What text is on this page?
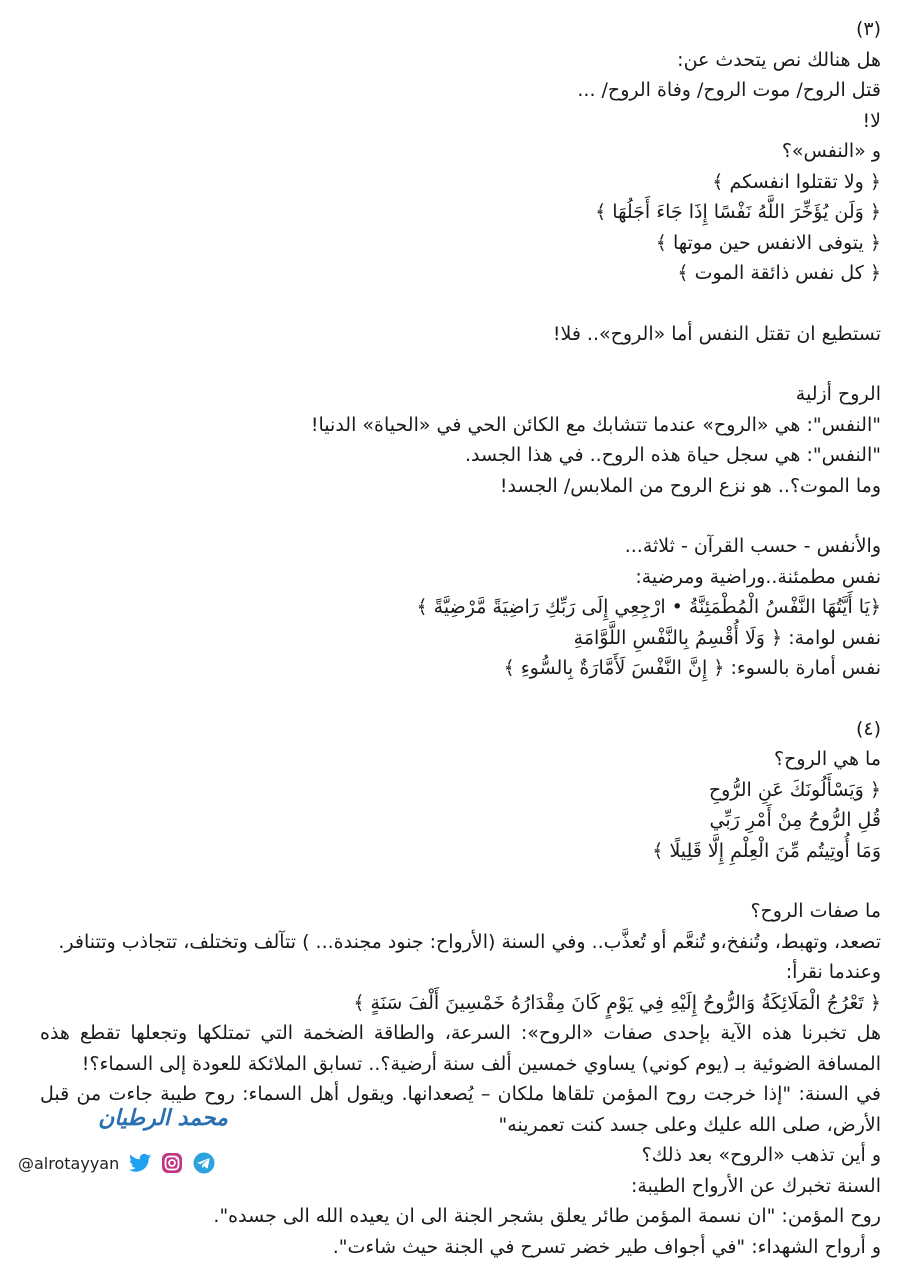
(٣)
هل هنالك نص يتحدث عن:
قتل الروح/ موت الروح/ وفاة الروح/ ...
لا!
و «النفس»؟
﴿ ولا تقتلوا انفسكم ﴾
﴿ وَلَن يُؤَخِّرَ اللَّهُ نَفْسًا إِذَا جَاءَ أَجَلُهَا ﴾
﴿ يتوفى الانفس حين موتها ﴾
﴿ كل نفس ذائقة الموت ﴾
تستطيع ان تقتل النفس أما «الروح».. فلا!
الروح أزلية
"النفس": هي «الروح» عندما تتشابك مع الكائن الحي في «الحياة» الدنيا!
"النفس": هي سجل حياة هذه الروح.. في هذا الجسد.
وما الموت؟.. هو نزع الروح من الملابس/ الجسد!
والأنفس - حسب القرآن - ثلاثة...
نفس مطمئنة..وراضية ومرضية:
﴿يَا أَيَّتُهَا النَّفْسُ الْمُطْمَئِنَّةُ • ارْجِعِي إِلَى رَبِّكِ رَاضِيَةً مَّرْضِيَّةً ﴾
نفس لوامة: ﴿ وَلَا أُقْسِمُ بِالنَّفْسِ اللَّوَّامَةِ
نفس أمارة بالسوء: ﴿ إِنَّ النَّفْسَ لَأَمَّارَةٌ بِالسُّوءِ ﴾
(٤)
ما هي الروح؟
﴿ وَيَسْأَلُونَكَ عَنِ الرُّوحِ
قُلِ الرُّوحُ مِنْ أَمْرِ رَبِّي
وَمَا أُوتِيتُم مِّنَ الْعِلْمِ إِلَّا قَلِيلًا ﴾
ما صفات الروح؟
تصعد، وتهبط، وتُنفخ،و تُنعَّم أو تُعذَّب.. وفي السنة (الأرواح: جنود مجندة... ) تتآلف وتختلف، تتجاذب وتتنافر.
وعندما نقرأ:
﴿ تَعْرُجُ الْمَلَائِكَةُ وَالرُّوحُ إِلَيْهِ فِي يَوْمٍ كَانَ مِقْدَارُهُ خَمْسِينَ أَلْفَ سَنَةٍ ﴾
هل تخبرنا هذه الآية بإحدى صفات «الروح»: السرعة، والطاقة الضخمة التي تمتلكها وتجعلها تقطع هذه المسافة الضوئية بـ (يوم كوني) يساوي خمسين ألف سنة أرضية؟.. تسابق الملائكة للعودة إلى السماء؟!
في السنة: "إذا خرجت روح المؤمن تلقاها ملكان – يُصعدانها. ويقول أهل السماء: روح طيبة جاءت من قبل الأرض، صلى الله عليك وعلى جسد كنت تعمرينه"
و أين تذهب «الروح» بعد ذلك؟
السنة تخبرك عن الأرواح الطيبة:
روح المؤمن: "ان نسمة المؤمن طائر يعلق بشجر الجنة الى ان يعيده الله الى جسده".
و أرواح الشهداء: "في أجواف طير خضر تسرح في الجنة حيث شاءت".
محمد الرطيان
@alrotayyan
